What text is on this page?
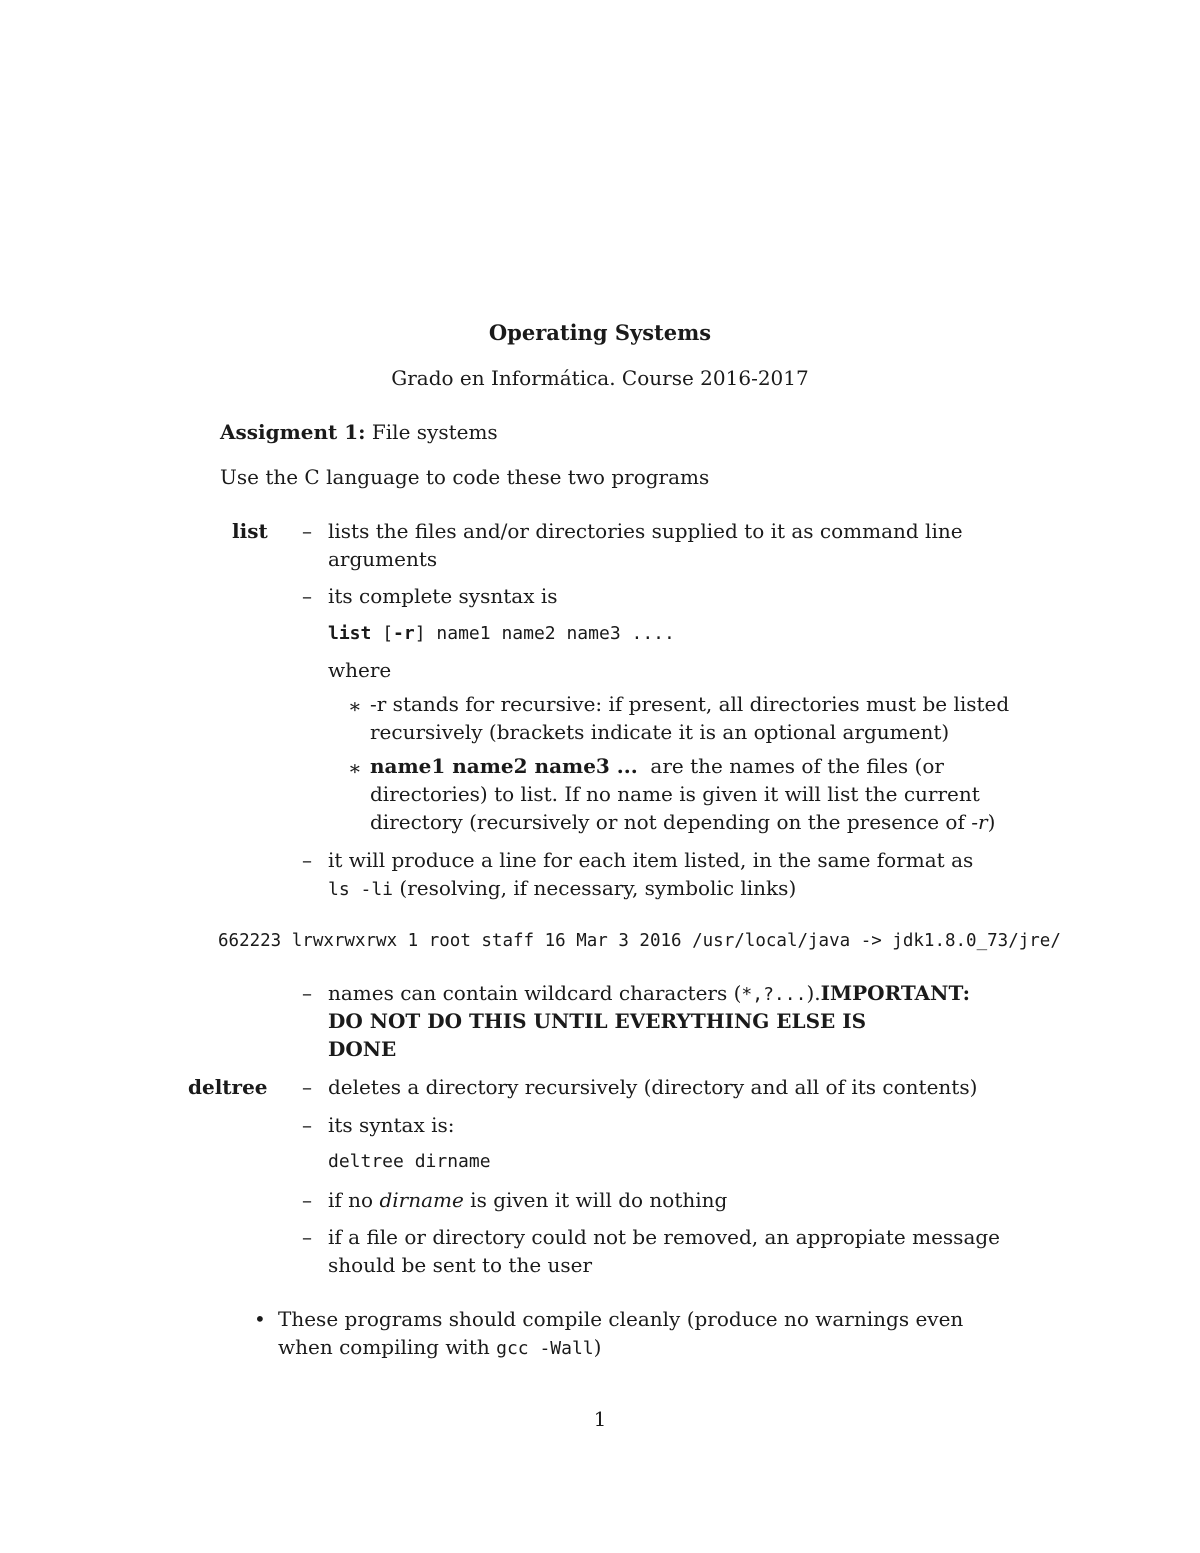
Operating Systems
Grado en Informática. Course 2016-2017
Assigment 1: File systems
Use the C language to code these two programs
list – lists the files and/or directories supplied to it as command line
arguments
– its complete sysntax is
list [-r] name1 name2 name3 ....
where
∗ -r stands for recursive: if present, all directories must be listed
recursively (brackets indicate it is an optional argument)
∗ name1 name2 name3 ... are the names of the files (or
directories) to list. If no name is given it will list the current
directory (recursively or not depending on the presence of -r)
– it will produce a line for each item listed, in the same format as
ls -li (resolving, if necessary, symbolic links)
662223 lrwxrwxrwx 1 root staff 16 Mar 3 2016 /usr/local/java -> jdk1.8.0_73/jre/
– names can contain wildcard characters (*,?...).IMPORTANT:
DO NOT DO THIS UNTIL EVERYTHING ELSE IS
DONE
deltree – deletes a directory recursively (directory and all of its contents)
– its syntax is:
deltree dirname
– if no dirname is given it will do nothing
– if a file or directory could not be removed, an appropiate message
should be sent to the user
• These programs should compile cleanly (produce no warnings even
when compiling with gcc -Wall)
1
